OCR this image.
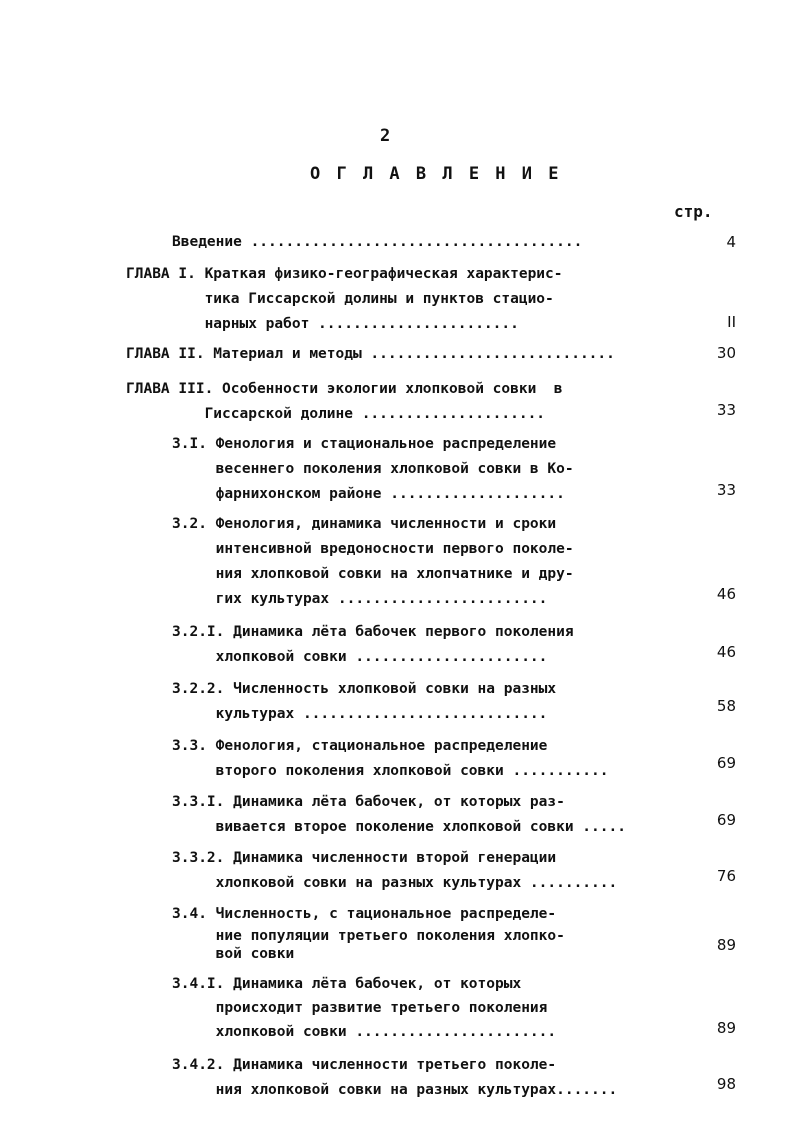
2
О Г Л А В Л Е Н И Е
стр.
Введение ......................................	4
ГЛАВА I. Краткая физико-географическая характерис-
тика Гиссарской долины и пунктов стацио-
нарных работ .......................	II
ГЛАВА II. Материал и методы ............................	30
ГЛАВА III. Особенности экологии хлопковой совки  в
Гиссарской долине .....................	33
3.I. Фенология и стациональное распределение
весеннего поколения хлопковой совки в Ко-
фарнихонском районе ....................	33
3.2. Фенология, динамика численности и сроки
интенсивной вредоносности первого поколе-
ния хлопковой совки на хлопчатнике и дру-
гих культурах ........................	46
3.2.I. Динамика лёта бабочек первого поколения
хлопковой совки ......................	46
3.2.2. Численность хлопковой совки на разных
культурах ............................	58
3.3. Фенология, стациональное распределение
второго поколения хлопковой совки ...........	69
3.3.I. Динамика лёта бабочек, от которых раз-
вивается второе поколение хлопковой совки .....	69
3.3.2. Динамика численности второй генерации
хлопковой совки на разных культурах ..........	76
3.4. Численность, с тациональное распределе-
ние популяции третьего поколения хлопко-
вой совки	89
3.4.I. Динамика лёта бабочек, от которых
происходит развитие третьего поколения
хлопковой совки .......................	89
3.4.2. Динамика численности третьего поколе-
ния хлопковой совки на разных культурах.......	98
